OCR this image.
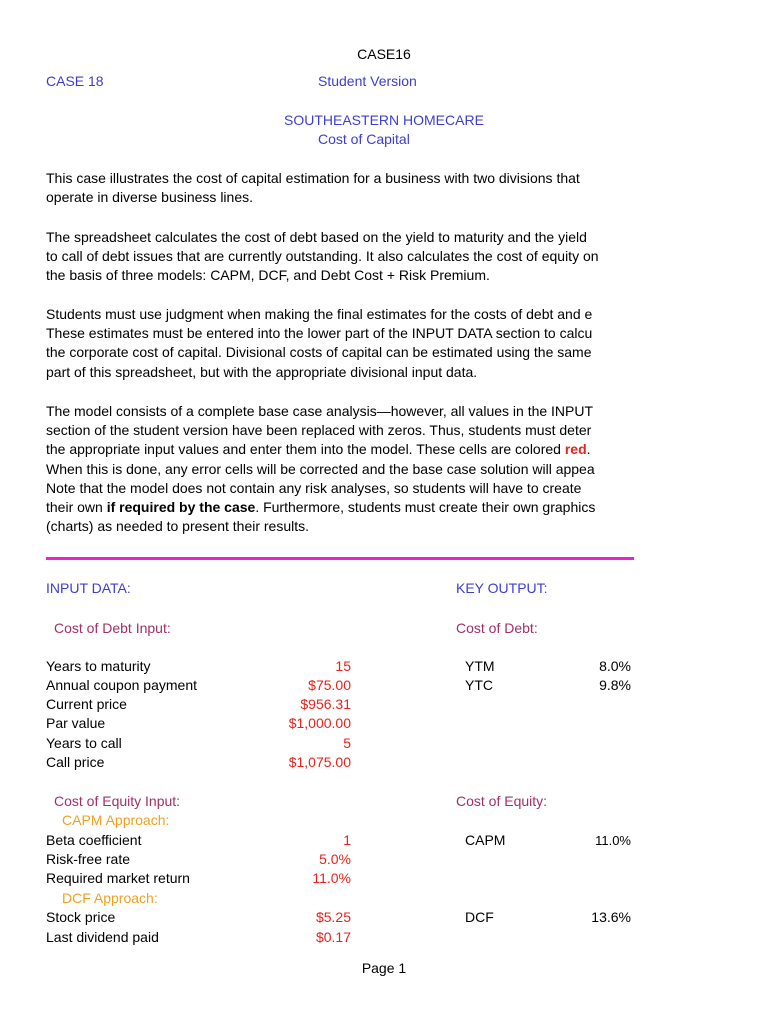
CASE16
CASE 18	Student Version
SOUTHEASTERN HOMECARE
Cost of Capital
This case illustrates the cost of capital estimation for a business with two divisions that
operate in diverse business lines.
The spreadsheet calculates the cost of debt based on the yield to maturity and the yield
to call of debt issues that are currently outstanding. It also calculates the cost of equity on
the basis of three models: CAPM, DCF, and Debt Cost + Risk Premium.
Students must use judgment when making the final estimates for the costs of debt and e
These estimates must be entered into the lower part of the INPUT DATA section to calcu
the corporate cost of capital. Divisional costs of capital can be estimated using the same
part of this spreadsheet, but with the appropriate divisional input data.
The model consists of a complete base case analysis—however, all values in the INPUT
section of the student version have been replaced with zeros. Thus, students must deter
the appropriate input values and enter them into the model. These cells are colored red.
When this is done, any error cells will be corrected and the base case solution will appea
Note that the model does not contain any risk analyses, so students will have to create
their own if required by the case. Furthermore, students must create their own graphics
(charts) as needed to present their results.
INPUT DATA:
Cost of Debt Input:
Years to maturity	15
Annual coupon payment	$75.00
Current price	$956.31
Par value	$1,000.00
Years to call	5
Call price	$1,075.00
Cost of Equity Input:
CAPM Approach:
Beta coefficient	1
Risk-free rate	5.0%
Required market return	11.0%
DCF Approach:
Stock price	$5.25
Last dividend paid	$0.17
KEY OUTPUT:
Cost of Debt:
YTM	8.0%
YTC	9.8%
Cost of Equity:
CAPM	11.0%
DCF	13.6%
Page 1
